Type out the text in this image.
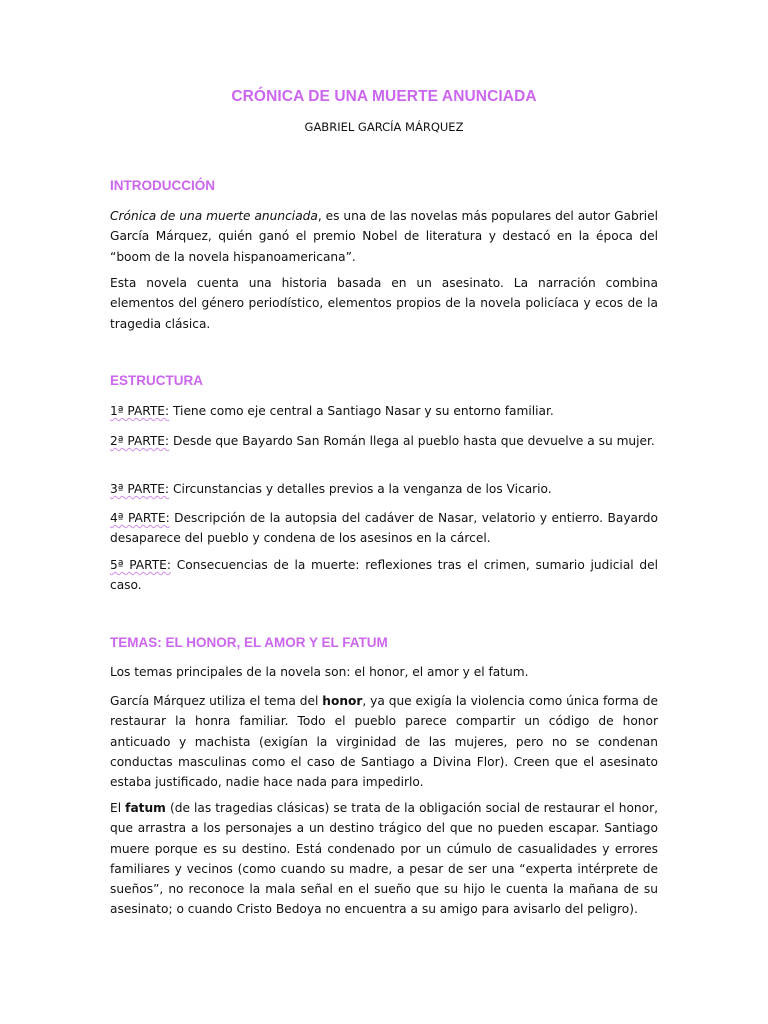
CRÓNICA DE UNA MUERTE ANUNCIADA
GABRIEL GARCÍA MÁRQUEZ
INTRODUCCIÓN

Crónica de una muerte anunciada, es una de las novelas más populares del autor Gabriel García Márquez, quién ganó el premio Nobel de literatura y destacó en la época del “boom de la novela hispanoamericana”.

Esta novela cuenta una historia basada en un asesinato. La narración combina elementos del género periodístico, elementos propios de la novela policíaca y ecos de la tragedia clásica.

ESTRUCTURA

1ª PARTE: Tiene como eje central a Santiago Nasar y su entorno familiar.

2ª PARTE: Desde que Bayardo San Román llega al pueblo hasta que devuelve a su mujer.

3ª PARTE: Circunstancias y detalles previos a la venganza de los Vicario.

4ª PARTE: Descripción de la autopsia del cadáver de Nasar, velatorio y entierro. Bayardo desaparece del pueblo y condena de los asesinos en la cárcel.

5ª PARTE: Consecuencias de la muerte: reflexiones tras el crimen, sumario judicial del caso.

TEMAS: EL HONOR, EL AMOR Y EL FATUM

Los temas principales de la novela son: el honor, el amor y el fatum.

García Márquez utiliza el tema del honor, ya que exigía la violencia como única forma de restaurar la honra familiar. Todo el pueblo parece compartir un código de honor anticuado y machista (exigían la virginidad de las mujeres, pero no se condenan conductas masculinas como el caso de Santiago a Divina Flor). Creen que el asesinato estaba justificado, nadie hace nada para impedirlo.

El fatum (de las tragedias clásicas) se trata de la obligación social de restaurar el honor, que arrastra a los personajes a un destino trágico del que no pueden escapar. Santiago muere porque es su destino. Está condenado por un cúmulo de casualidades y errores familiares y vecinos (como cuando su madre, a pesar de ser una “experta intérprete de sueños”, no reconoce la mala señal en el sueño que su hijo le cuenta la mañana de su asesinato; o cuando Cristo Bedoya no encuentra a su amigo para avisarlo del peligro).
